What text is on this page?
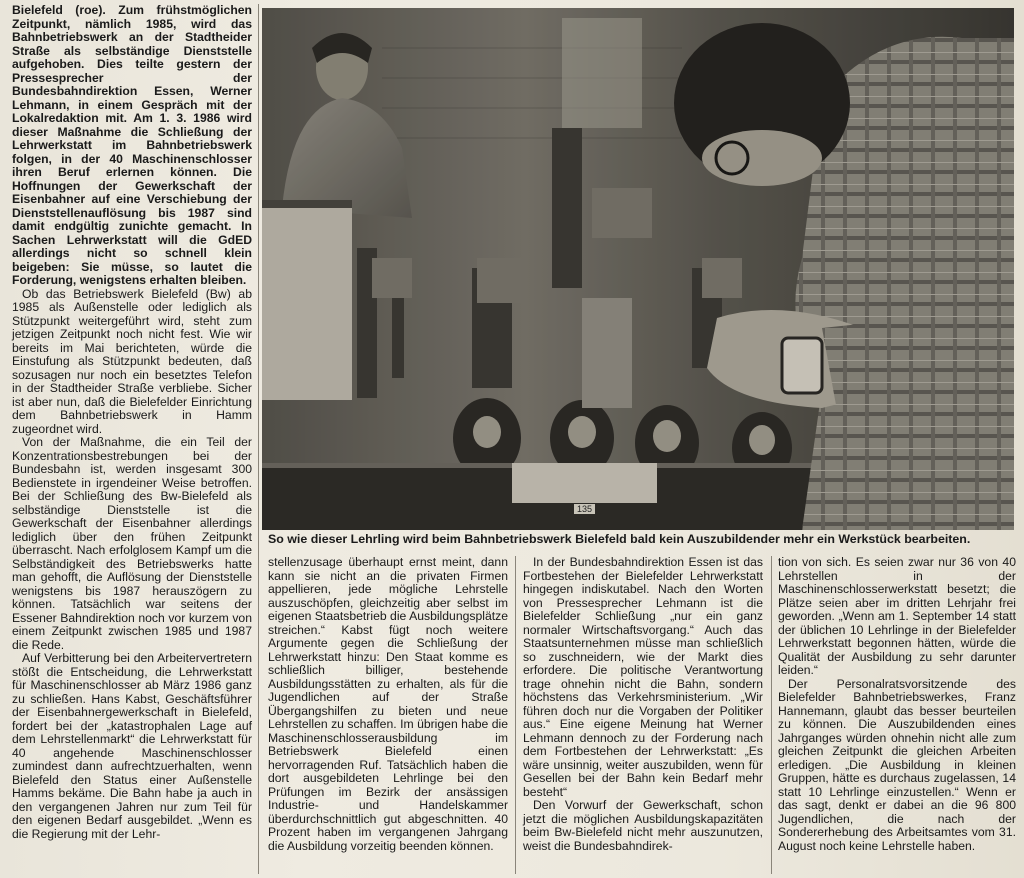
Bielefeld (roe). Zum frühstmöglichen Zeitpunkt, nämlich 1985, wird das Bahnbetriebswerk an der Stadtheider Straße als selbständige Dienststelle aufgehoben. Dies teilte gestern der Pressesprecher der Bundesbahndirektion Essen, Werner Lehmann, in einem Gespräch mit der Lokalredaktion mit. Am 1. 3. 1986 wird dieser Maßnahme die Schließung der Lehrwerkstatt im Bahnbetriebswerk folgen, in der 40 Maschinenschlosser ihren Beruf erlernen können. Die Hoffnungen der Gewerkschaft der Eisenbahner auf eine Verschiebung der Dienststellenauflösung bis 1987 sind damit endgültig zunichte gemacht. In Sachen Lehrwerkstatt will die GdED allerdings nicht so schnell klein beigeben: Sie müsse, so lautet die Forderung, wenigstens erhalten bleiben.

Ob das Betriebswerk Bielefeld (Bw) ab 1985 als Außenstelle oder lediglich als Stützpunkt weitergeführt wird, steht zum jetzigen Zeitpunkt noch nicht fest. Wie wir bereits im Mai berichteten, würde die Einstufung als Stützpunkt bedeuten, daß sozusagen nur noch ein besetztes Telefon in der Stadtheider Straße verbliebe. Sicher ist aber nun, daß die Bielefelder Einrichtung dem Bahnbetriebswerk in Hamm zugeordnet wird.

Von der Maßnahme, die ein Teil der Konzentrationsbestrebungen bei der Bundesbahn ist, werden insgesamt 300 Bedienstete in irgendeiner Weise betroffen. Bei der Schließung des Bw-Bielefeld als selbständige Dienststelle ist die Gewerkschaft der Eisenbahner allerdings lediglich über den frühen Zeitpunkt überrascht. Nach erfolglosem Kampf um die Selbständigkeit des Betriebswerks hatte man gehofft, die Auflösung der Dienststelle wenigstens bis 1987 herauszögern zu können. Tatsächlich war seitens der Essener Bahndirektion noch vor kurzem von einem Zeitpunkt zwischen 1985 und 1987 die Rede.

Auf Verbitterung bei den Arbeitervertretern stößt die Entscheidung, die Lehrwerkstatt für Maschinenschlosser ab März 1986 ganz zu schließen. Hans Kabst, Geschäftsführer der Eisenbahnergewerkschaft in Bielefeld, fordert bei der „katastrophalen Lage auf dem Lehrstellenmarkt“ die Lehrwerkstatt für 40 angehende Maschinenschlosser zumindest dann aufrechtzuerhalten, wenn Bielefeld den Status einer Außenstelle Hamms bekäme. Die Bahn habe ja auch in den vergangenen Jahren nur zum Teil für den eigenen Bedarf ausgebildet. „Wenn es die Regierung mit der Lehr-

135
So wie dieser Lehrling wird beim Bahnbetriebswerk Bielefeld bald kein Auszubildender mehr ein Werkstück bearbeiten.

stellenzusage überhaupt ernst meint, dann kann sie nicht an die privaten Firmen appellieren, jede mögliche Lehrstelle auszuschöpfen, gleichzeitig aber selbst im eigenen Staatsbetrieb die Ausbildungsplätze streichen.“ Kabst fügt noch weitere Argumente gegen die Schließung der Lehrwerkstatt hinzu: Den Staat komme es schließlich billiger, bestehende Ausbildungsstätten zu erhalten, als für die Jugendlichen auf der Straße Übergangshilfen zu bieten und neue Lehrstellen zu schaffen. Im übrigen habe die Maschinenschlosserausbildung im Betriebswerk Bielefeld einen hervorragenden Ruf. Tatsächlich haben die dort ausgebildeten Lehrlinge bei den Prüfungen im Bezirk der ansässigen Industrie- und Handelskammer überdurchschnittlich gut abgeschnitten. 40 Prozent haben im vergangenen Jahrgang die Ausbildung vorzeitig beenden können.

In der Bundesbahndirektion Essen ist das Fortbestehen der Bielefelder Lehrwerkstatt hingegen indiskutabel. Nach den Worten von Pressesprecher Lehmann ist die Bielefelder Schließung „nur ein ganz normaler Wirtschaftsvorgang.“ Auch das Staatsunternehmen müsse man schließlich so zuschneidern, wie der Markt dies erfordere. Die politische Verantwortung trage ohnehin nicht die Bahn, sondern höchstens das Verkehrsministerium. „Wir führen doch nur die Vorgaben der Politiker aus.“ Eine eigene Meinung hat Werner Lehmann dennoch zu der Forderung nach dem Fortbestehen der Lehrwerkstatt: „Es wäre unsinnig, weiter auszubilden, wenn für Gesellen bei der Bahn kein Bedarf mehr besteht“

Den Vorwurf der Gewerkschaft, schon jetzt die möglichen Ausbildungskapazitäten beim Bw-Bielefeld nicht mehr auszunutzen, weist die Bundesbahndirek-

tion von sich. Es seien zwar nur 36 von 40 Lehrstellen in der Maschinenschlosserwerkstatt besetzt; die Plätze seien aber im dritten Lehrjahr frei geworden. „Wenn am 1. September 14 statt der üblichen 10 Lehrlinge in der Bielefelder Lehrwerkstatt begonnen hätten, würde die Qualität der Ausbildung zu sehr darunter leiden.“

Der Personalratsvorsitzende des Bielefelder Bahnbetriebswerkes, Franz Hannemann, glaubt das besser beurteilen zu können. Die Auszubildenden eines Jahrganges würden ohnehin nicht alle zum gleichen Zeitpunkt die gleichen Arbeiten erledigen. „Die Ausbildung in kleinen Gruppen, hätte es durchaus zugelassen, 14 statt 10 Lehrlinge einzustellen.“ Wenn er das sagt, denkt er dabei an die 96 800 Jugendlichen, die nach der Sondererhebung des Arbeitsamtes vom 31. August noch keine Lehrstelle haben.
